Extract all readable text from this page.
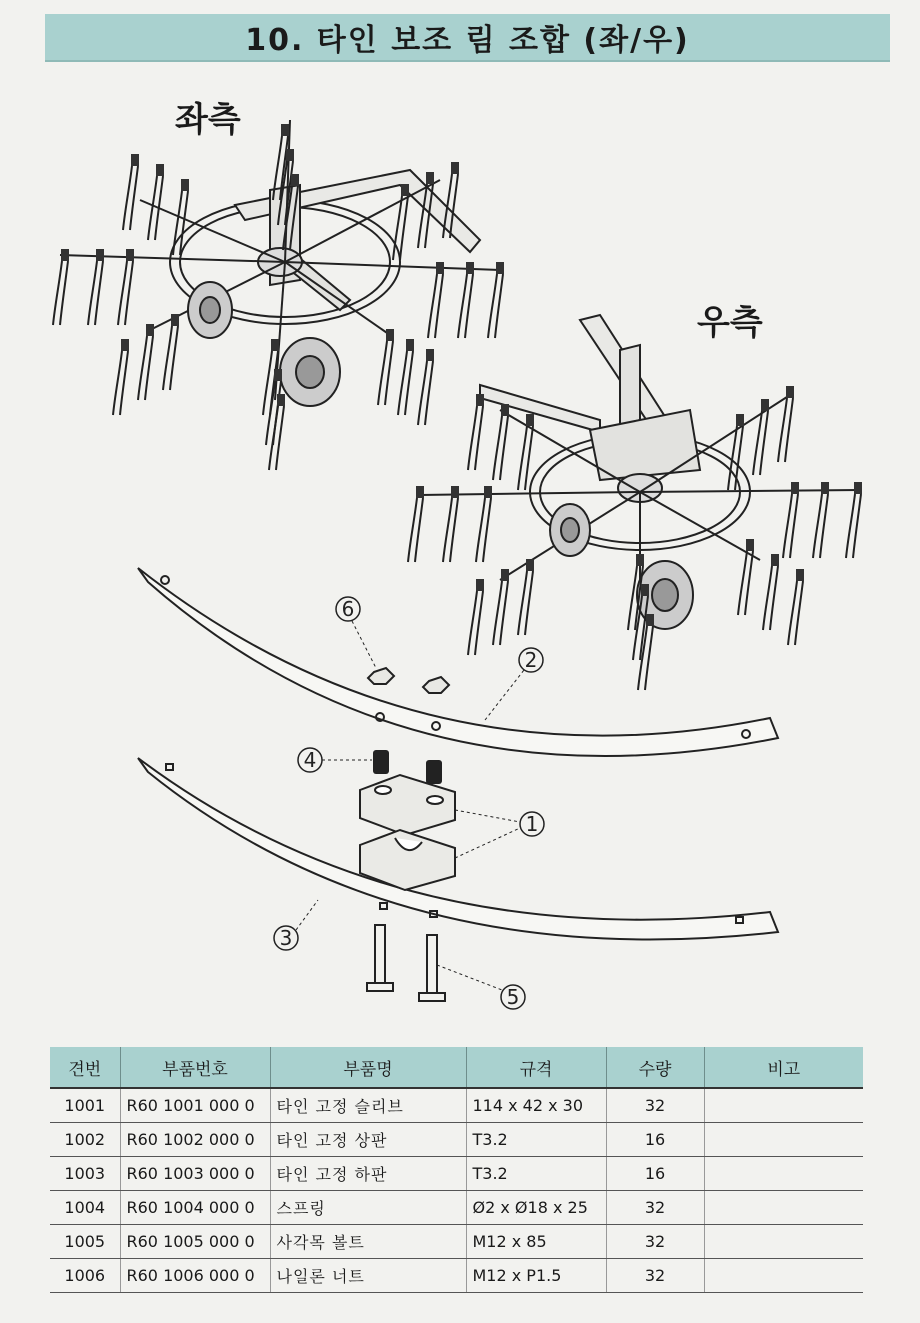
10. 타인 보조 림 조합 (좌/우)
좌측
우측
1
2
3
4
5
6
견번	부품번호	부품명	규격	수량	비고
1001	R60 1001 000 0	타인 고정 슬리브	114 x 42 x 30	32	
1002	R60 1002 000 0	타인 고정 상판	T3.2	16	
1003	R60 1003 000 0	타인 고정 하판	T3.2	16	
1004	R60 1004 000 0	스프링	Ø2 x Ø18 x 25	32	
1005	R60 1005 000 0	사각목 볼트	M12 x 85	32	
1006	R60 1006 000 0	나일론 너트	M12 x P1.5	32	
